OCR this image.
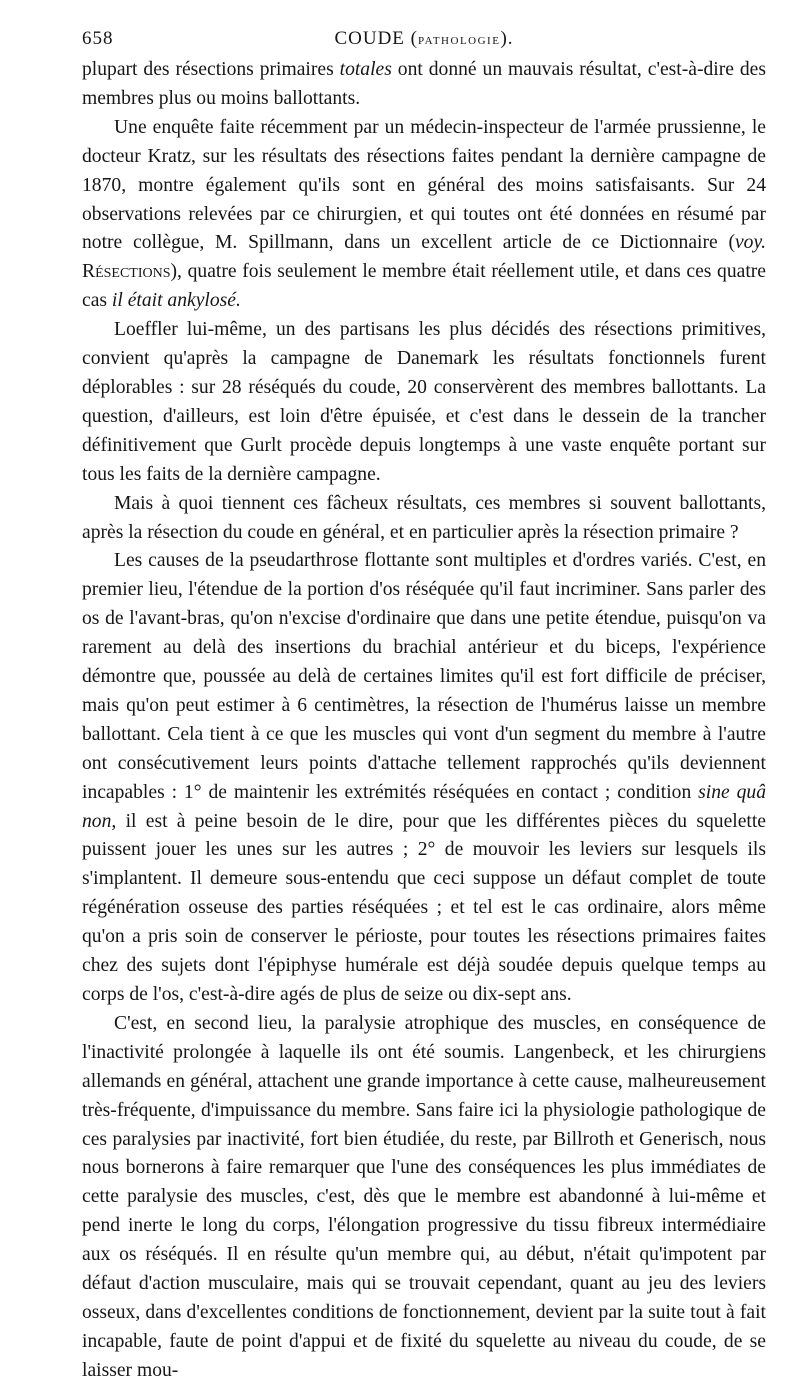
658	COUDE (pathologie).

plupart des résections primaires totales ont donné un mauvais résultat, c'est-à-dire des membres plus ou moins ballottants.

Une enquête faite récemment par un médecin-inspecteur de l'armée prussienne, le docteur Kratz, sur les résultats des résections faites pendant la dernière campagne de 1870, montre également qu'ils sont en général des moins satisfaisants. Sur 24 observations relevées par ce chirurgien, et qui toutes ont été données en résumé par notre collègue, M. Spillmann, dans un excellent article de ce Dictionnaire (voy. Résections), quatre fois seulement le membre était réellement utile, et dans ces quatre cas il était ankylosé.

Loeffler lui-même, un des partisans les plus décidés des résections primitives, convient qu'après la campagne de Danemark les résultats fonctionnels furent déplorables : sur 28 réséqués du coude, 20 conservèrent des membres ballottants. La question, d'ailleurs, est loin d'être épuisée, et c'est dans le dessein de la trancher définitivement que Gurlt procède depuis longtemps à une vaste enquête portant sur tous les faits de la dernière campagne.

Mais à quoi tiennent ces fâcheux résultats, ces membres si souvent ballottants, après la résection du coude en général, et en particulier après la résection primaire ?

Les causes de la pseudarthrose flottante sont multiples et d'ordres variés. C'est, en premier lieu, l'étendue de la portion d'os réséquée qu'il faut incriminer. Sans parler des os de l'avant-bras, qu'on n'excise d'ordinaire que dans une petite étendue, puisqu'on va rarement au delà des insertions du brachial antérieur et du biceps, l'expérience démontre que, poussée au delà de certaines limites qu'il est fort difficile de préciser, mais qu'on peut estimer à 6 centimètres, la résection de l'humérus laisse un membre ballottant. Cela tient à ce que les muscles qui vont d'un segment du membre à l'autre ont consécutivement leurs points d'attache tellement rapprochés qu'ils deviennent incapables : 1° de maintenir les extrémités réséquées en contact ; condition sine quâ non, il est à peine besoin de le dire, pour que les différentes pièces du squelette puissent jouer les unes sur les autres ; 2° de mouvoir les leviers sur lesquels ils s'implantent. Il demeure sous-entendu que ceci suppose un défaut complet de toute régénération osseuse des parties réséquées ; et tel est le cas ordinaire, alors même qu'on a pris soin de conserver le périoste, pour toutes les résections primaires faites chez des sujets dont l'épiphyse humérale est déjà soudée depuis quelque temps au corps de l'os, c'est-à-dire agés de plus de seize ou dix-sept ans.

C'est, en second lieu, la paralysie atrophique des muscles, en conséquence de l'inactivité prolongée à laquelle ils ont été soumis. Langenbeck, et les chirurgiens allemands en général, attachent une grande importance à cette cause, malheureusement très-fréquente, d'impuissance du membre. Sans faire ici la physiologie pathologique de ces paralysies par inactivité, fort bien étudiée, du reste, par Billroth et Generisch, nous nous bornerons à faire remarquer que l'une des conséquences les plus immédiates de cette paralysie des muscles, c'est, dès que le membre est abandonné à lui-même et pend inerte le long du corps, l'élongation progressive du tissu fibreux intermédiaire aux os réséqués. Il en résulte qu'un membre qui, au début, n'était qu'impotent par défaut d'action musculaire, mais qui se trouvait cependant, quant au jeu des leviers osseux, dans d'excellentes conditions de fonctionnement, devient par la suite tout à fait incapable, faute de point d'appui et de fixité du squelette au niveau du coude, de se laisser mou-
